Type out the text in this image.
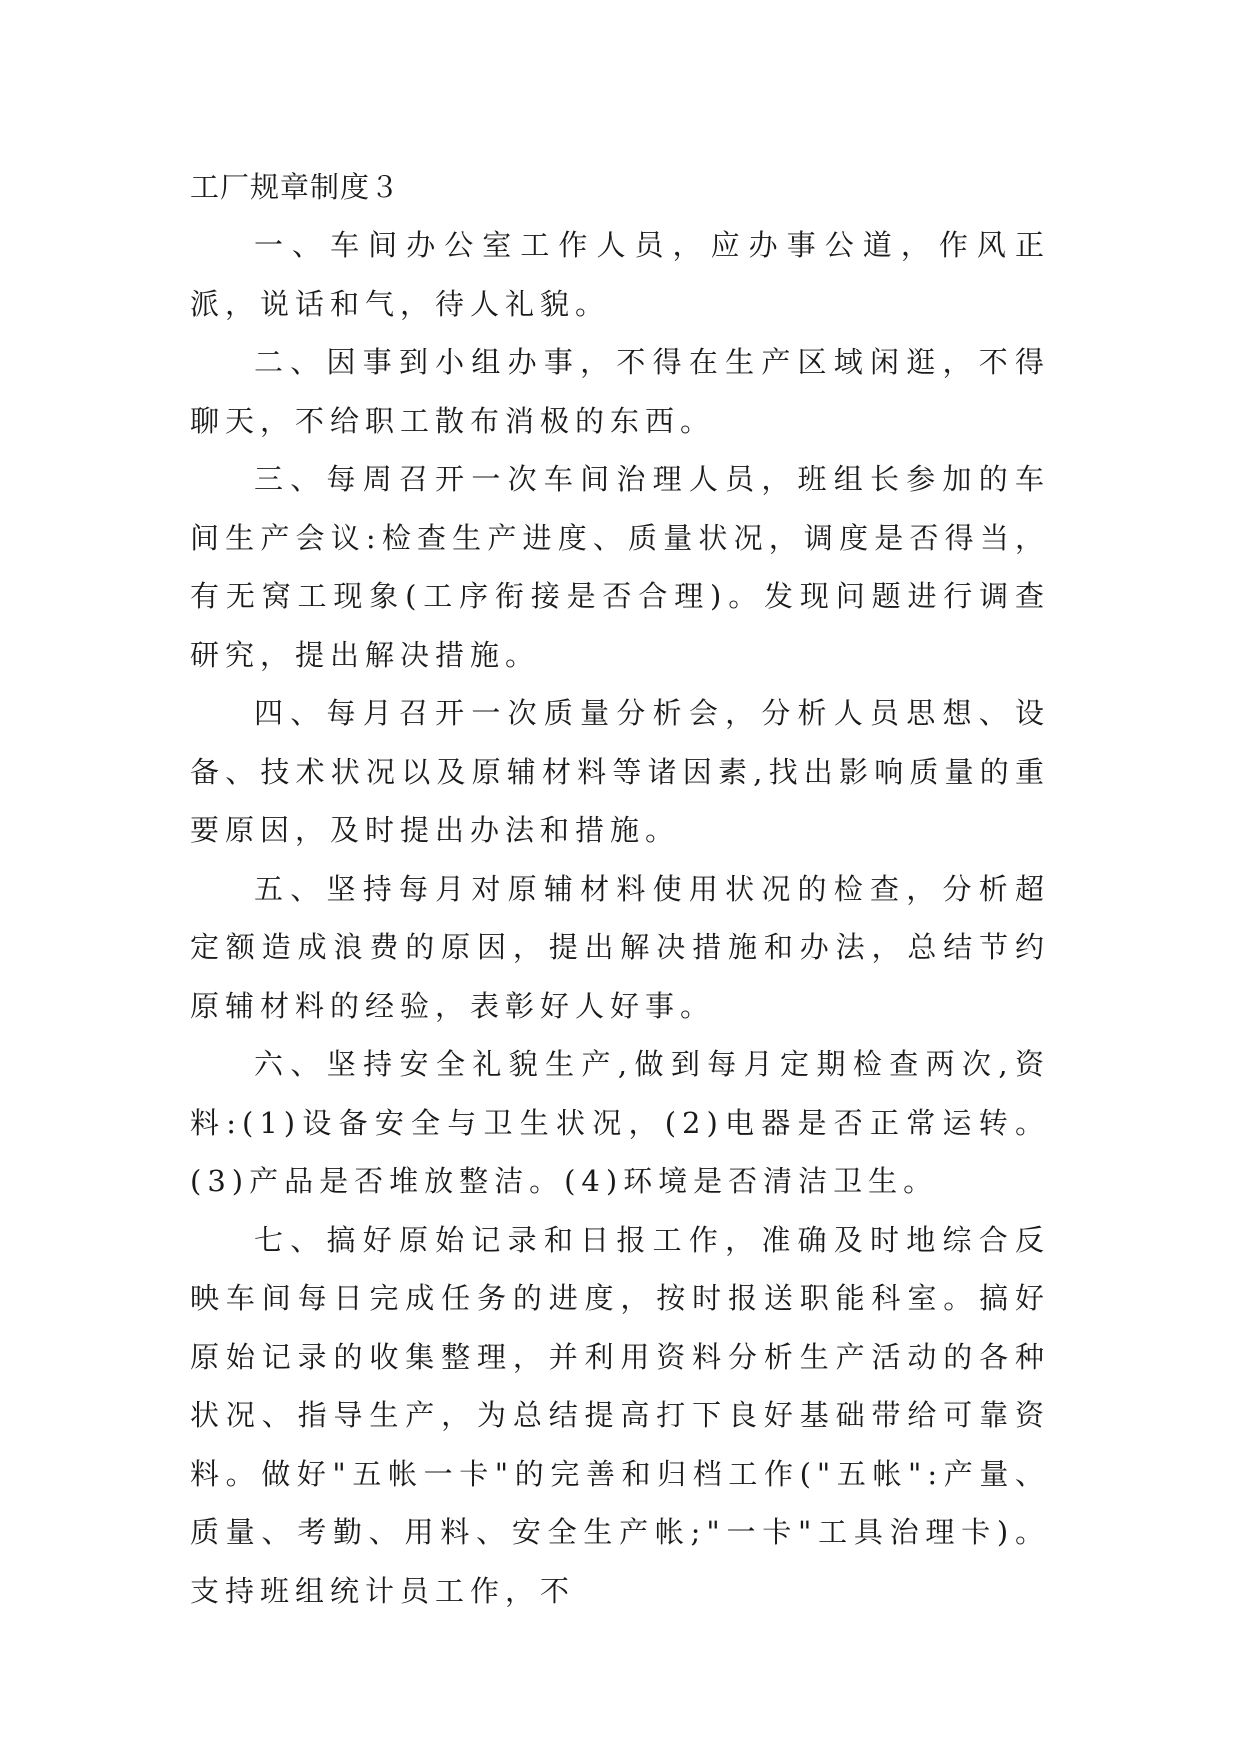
工厂规章制度３

一、车间办公室工作人员，应办事公道，作风正派，说话和气，待人礼貌。

二、因事到小组办事，不得在生产区域闲逛，不得聊天，不给职工散布消极的东西。

三、每周召开一次车间治理人员，班组长参加的车间生产会议:检查生产进度、质量状况，调度是否得当，有无窝工现象(工序衔接是否合理)。发现问题进行调查研究，提出解决措施。

四、每月召开一次质量分析会，分析人员思想、设备、技术状况以及原辅材料等诸因素,找出影响质量的重要原因，及时提出办法和措施。

五、坚持每月对原辅材料使用状况的检查，分析超定额造成浪费的原因，提出解决措施和办法，总结节约原辅材料的经验，表彰好人好事。

六、坚持安全礼貌生产,做到每月定期检查两次,资料:(1)设备安全与卫生状况，(2)电器是否正常运转。(3)产品是否堆放整洁。(4)环境是否清洁卫生。

七、搞好原始记录和日报工作，准确及时地综合反映车间每日完成任务的进度，按时报送职能科室。搞好原始记录的收集整理，并利用资料分析生产活动的各种状况、指导生产，为总结提高打下良好基础带给可靠资料。做好"五帐一卡"的完善和归档工作("五帐":产量、质量、考勤、用料、安全生产帐;"一卡"工具治理卡)。支持班组统计员工作，不
